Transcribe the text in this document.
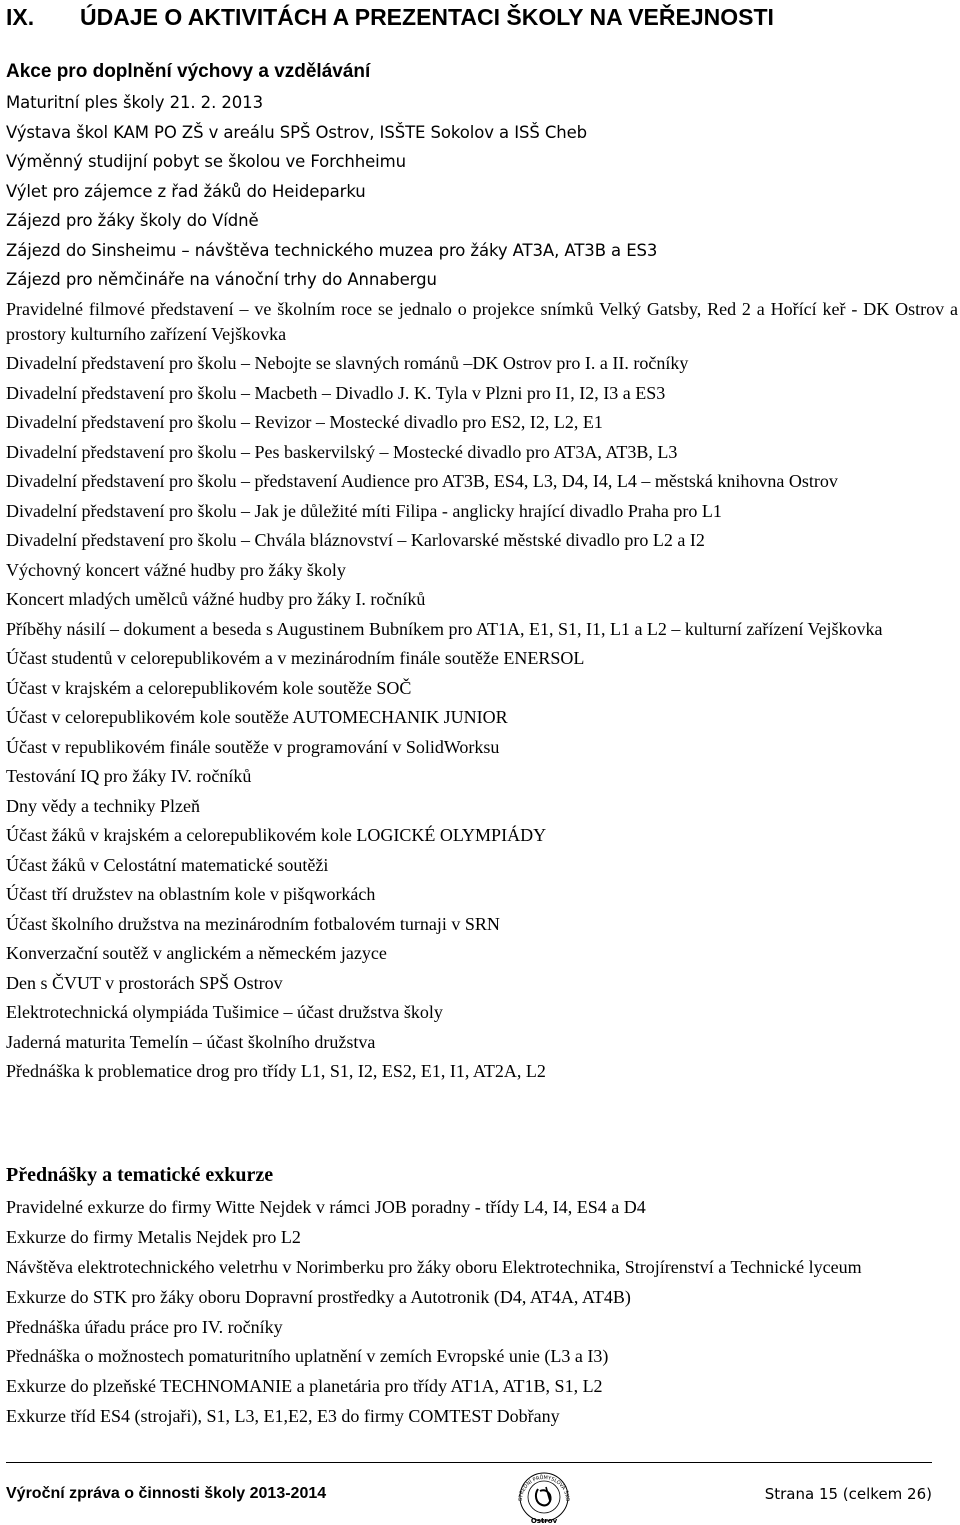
IX.	ÚDAJE O AKTIVITÁCH A PREZENTACI ŠKOLY NA VEŘEJNOSTI
Akce pro doplnění výchovy a vzdělávání
Maturitní ples školy 21. 2. 2013
Výstava škol KAM PO ZŠ v areálu SPŠ Ostrov, ISŠTE Sokolov a ISŠ Cheb
Výměnný studijní pobyt se školou ve Forchheimu
Výlet pro zájemce z řad žáků do Heideparku
Zájezd pro žáky školy do Vídně
Zájezd do Sinsheimu – návštěva technického muzea pro žáky AT3A, AT3B a ES3
Zájezd pro němčináře na vánoční trhy do Annabergu
Pravidelné filmové představení – ve školním roce se jednalo o projekce snímků Velký Gatsby, Red 2 a Hořící keř - DK Ostrov a prostory kulturního zařízení Vejškovka
Divadelní představení pro školu – Nebojte se slavných románů –DK Ostrov pro I. a II. ročníky
Divadelní představení pro školu – Macbeth – Divadlo J. K. Tyla v Plzni pro I1, I2, I3 a ES3
Divadelní představení pro školu – Revizor – Mostecké divadlo pro ES2, I2, L2, E1
Divadelní představení pro školu – Pes baskervilský – Mostecké divadlo pro AT3A, AT3B, L3
Divadelní představení pro školu – představení Audience pro AT3B, ES4, L3, D4, I4, L4 – městská knihovna Ostrov
Divadelní představení pro školu – Jak je důležité míti Filipa - anglicky hrající divadlo Praha pro L1
Divadelní představení pro školu – Chvála bláznovství – Karlovarské městské divadlo pro L2 a I2
Výchovný koncert vážné hudby pro žáky školy
Koncert mladých umělců vážné hudby pro žáky I. ročníků
Příběhy násilí – dokument a beseda s Augustinem Bubníkem pro AT1A, E1, S1, I1, L1 a L2 – kulturní zařízení Vejškovka
Účast studentů v celorepublikovém a v mezinárodním finále soutěže ENERSOL
Účast v krajském a celorepublikovém kole soutěže SOČ
Účast v celorepublikovém kole soutěže AUTOMECHANIK JUNIOR
Účast v republikovém finále soutěže v programování v SolidWorksu
Testování IQ pro žáky IV. ročníků
Dny vědy a techniky Plzeň
Účast žáků v krajském a celorepublikovém kole LOGICKÉ OLYMPIÁDY
Účast žáků v Celostátní matematické soutěži
Účast tří družstev na oblastním kole v pišqworkách
Účast školního družstva na mezinárodním fotbalovém turnaji v SRN
Konverzační soutěž v anglickém a německém jazyce
Den s ČVUT v prostorách SPŠ Ostrov
Elektrotechnická olympiáda Tušimice – účast družstva školy
Jaderná maturita Temelín – účast školního družstva
Přednáška k problematice drog pro třídy L1, S1, I2, ES2, E1, I1, AT2A, L2
Přednášky a tematické exkurze
Pravidelné exkurze do firmy Witte Nejdek v rámci JOB poradny - třídy L4, I4, ES4 a D4
Exkurze do firmy Metalis Nejdek pro L2
Návštěva elektrotechnického veletrhu v Norimberku pro žáky oboru Elektrotechnika, Strojírenství a Technické lyceum
Exkurze do STK pro žáky oboru Dopravní prostředky a Autotronik (D4, AT4A, AT4B)
Přednáška úřadu práce pro IV. ročníky
Přednáška o možnostech pomaturitního uplatnění v zemích Evropské unie (L3 a I3)
Exkurze do plzeňské TECHNOMANIE a planetária pro třídy AT1A, AT1B, S1, L2
Exkurze tříd ES4 (strojaři), S1, L3, E1,E2, E3 do firmy COMTEST Dobřany
Výroční zpráva o činnosti školy 2013-2014	STŘEDNÍ PRŮMYSLOVÁ ŠKO
Ostrov
Strana 15 (celkem 26)
